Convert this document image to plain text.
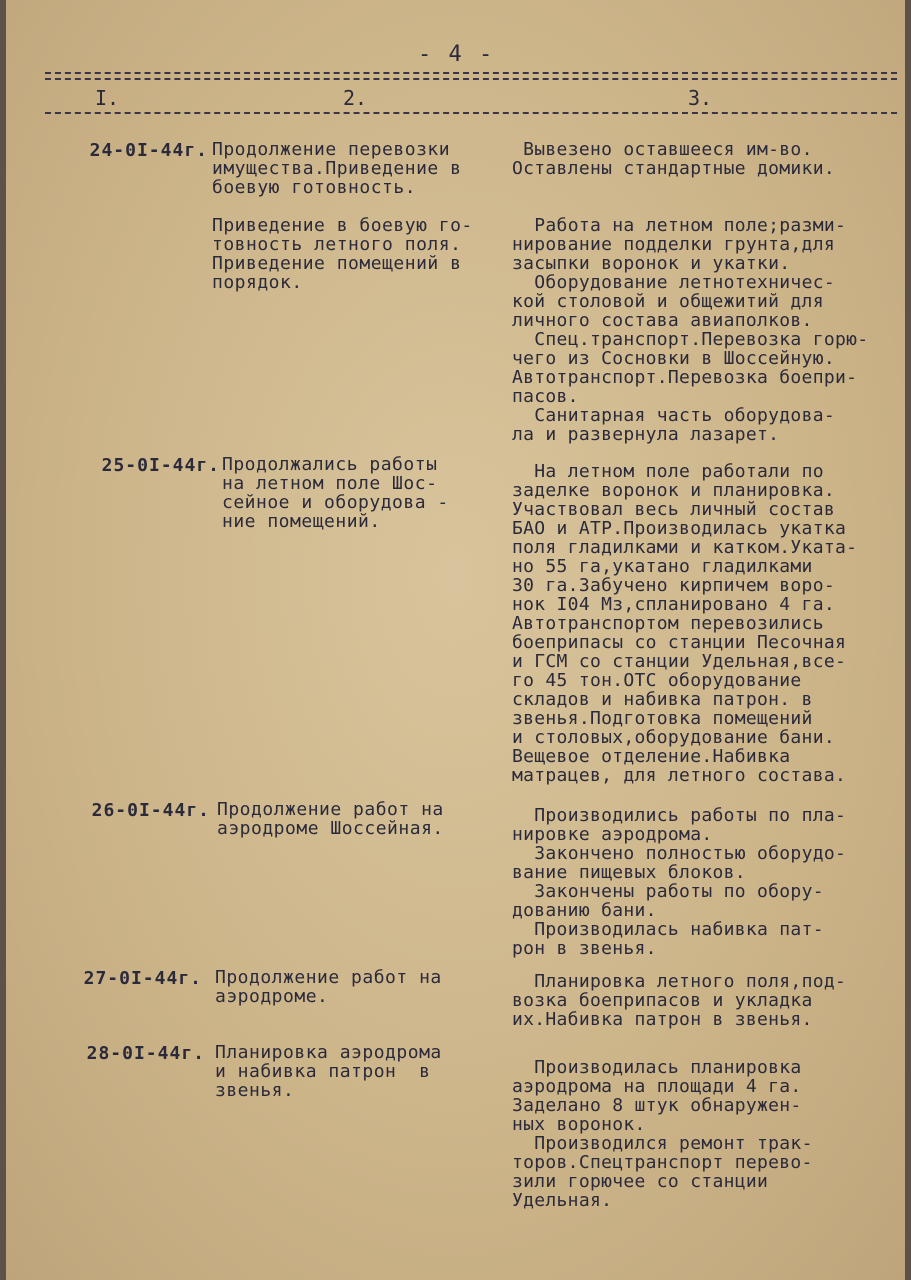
- 4 -
I.	2.	3.
24-0I-44г. Продолжение перевозки
имущества.Приведение в
боевую готовность.

Приведение в боевую го-
товность летного поля.
Приведение помещений в
порядок.
Вывезено оставшееся им-во.
Оставлены стандартные домики.

Работа на летном поле;разми-
нирование подделки грунта,для
засыпки воронок и укатки.
Оборудование летнотехничес-
кой столовой и общежитий для
личного состава авиаполков.
Спец.транспорт.Перевозка горю-
чего из Сосновки в Шоссейную.
Автотранспорт.Перевозка боепри-
пасов.
Санитарная часть оборудова-
ла и развернула лазарет.
25-0I-44г. Продолжались работы
на летном поле Шос-
сейное и оборудова -
ние помещений.
На летном поле работали по
заделке воронок и планировка.
Участвовал весь личный состав
БАО и АТР.Производилась укатка
поля гладилками и катком.Уката-
но 55 га,укатано гладилками
30 га.Забучено кирпичем воро-
нок I04 Мз,спланировано 4 га.
Автотранспортом перевозились
боеприпасы со станции Песочная
и ГСМ со станции Удельная,все-
го 45 тон.ОТС оборудование
складов и набивка патрон. в
звенья.Подготовка помещений
и столовых,оборудование бани.
Вещевое отделение.Набивка
матрацев, для летного состава.
26-0I-44г. Продолжение работ на
аэродроме Шоссейная.
Производились работы по пла-
нировке аэродрома.
Закончено полностью оборудо-
вание пищевых блоков.
Закончены работы по обору-
дованию бани.
Производилась набивка пат-
рон в звенья.
27-0I-44г. Продолжение работ на
аэродроме.
Планировка летного поля,под-
возка боеприпасов и укладка
их.Набивка патрон в звенья.
28-0I-44г. Планировка аэродрома
и набивка патрон  в
звенья.
Производилась планировка
аэродрома на площади 4 га.
Заделано 8 штук обнаружен-
ных воронок.
Производился ремонт трак-
торов.Спецтранспорт перево-
зили горючее со станции
Удельная.
